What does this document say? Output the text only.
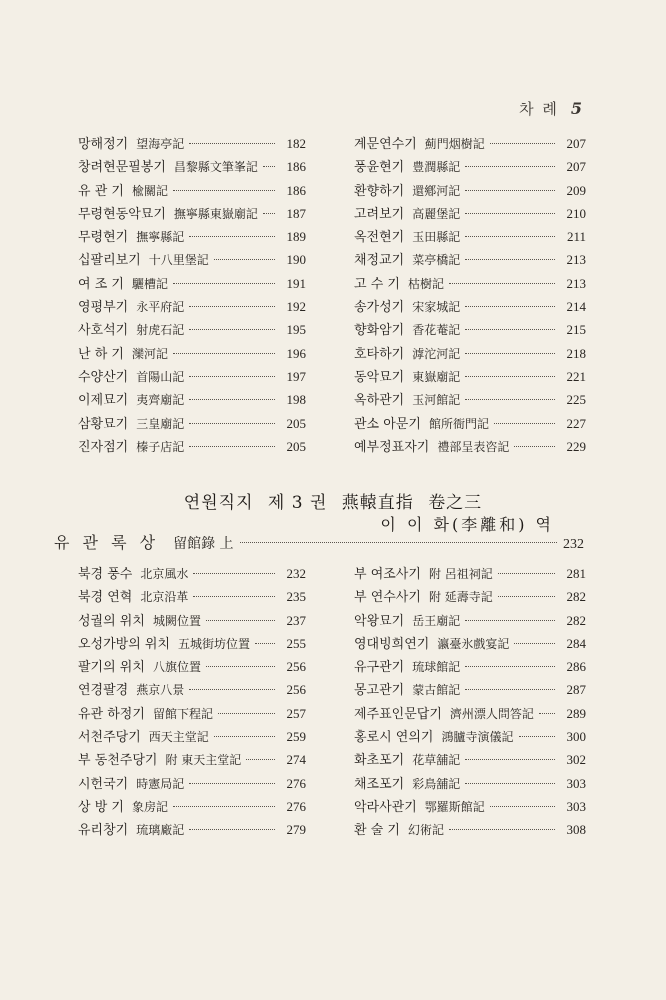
차 례 5
망해정기 望海亭記	182
창려현문필봉기 昌黎縣文筆峯記	186
유 관 기 楡關記	186
무령현동악묘기 撫寧縣東嶽廟記	187
무령현기 撫寧縣記	189
십팔리보기 十八里堡記	190
여 조 기 驪槽記	191
영평부기 永平府記	192
사호석기 射虎石記	195
난 하 기 灤河記	196
수양산기 首陽山記	197
이제묘기 夷齊廟記	198
삼황묘기 三皇廟記	205
진자점기 榛子店記	205
계문연수기 薊門烟樹記	207
풍윤현기 豊潤縣記	207
환향하기 還鄕河記	209
고려보기 高麗堡記	210
옥전현기 玉田縣記	211
채정교기 菜亭橋記	213
고 수 기 枯樹記	213
송가성기 宋家城記	214
향화암기 香花菴記	215
호타하기 滹沱河記	218
동악묘기 東嶽廟記	221
옥하관기 玉河館記	225
관소 아문기 館所衙門記	227
예부정표자기 禮部呈表咨記	229
연원직지 제 3 권 燕轅直指 卷之三
이 이 화(李離和) 역
유 관 록 상 留館錄 上	232
북경 풍수 北京風水	232
북경 연혁 北京沿革	235
성궐의 위치 城闕位置	237
오성가방의 위치 五城街坊位置	255
팔기의 위치 八旗位置	256
연경팔경 燕京八景	256
유관 하정기 留館下程記	257
서천주당기 西天主堂記	259
부 동천주당기 附 東天主堂記	274
시헌국기 時憲局記	276
상 방 기 象房記	276
유리창기 琉璃廠記	279
부 여조사기 附 呂祖祠記	281
부 연수사기 附 延壽寺記	282
악왕묘기 岳王廟記	282
영대빙희연기 瀛臺氷戲宴記	284
유구관기 琉球館記	286
몽고관기 蒙古館記	287
제주표인문답기 濟州漂人問答記	289
홍로시 연의기 鴻臚寺演儀記	300
화초포기 花草舖記	302
채조포기 彩鳥舖記	303
악라사관기 鄂羅斯館記	303
환 술 기 幻術記	308
